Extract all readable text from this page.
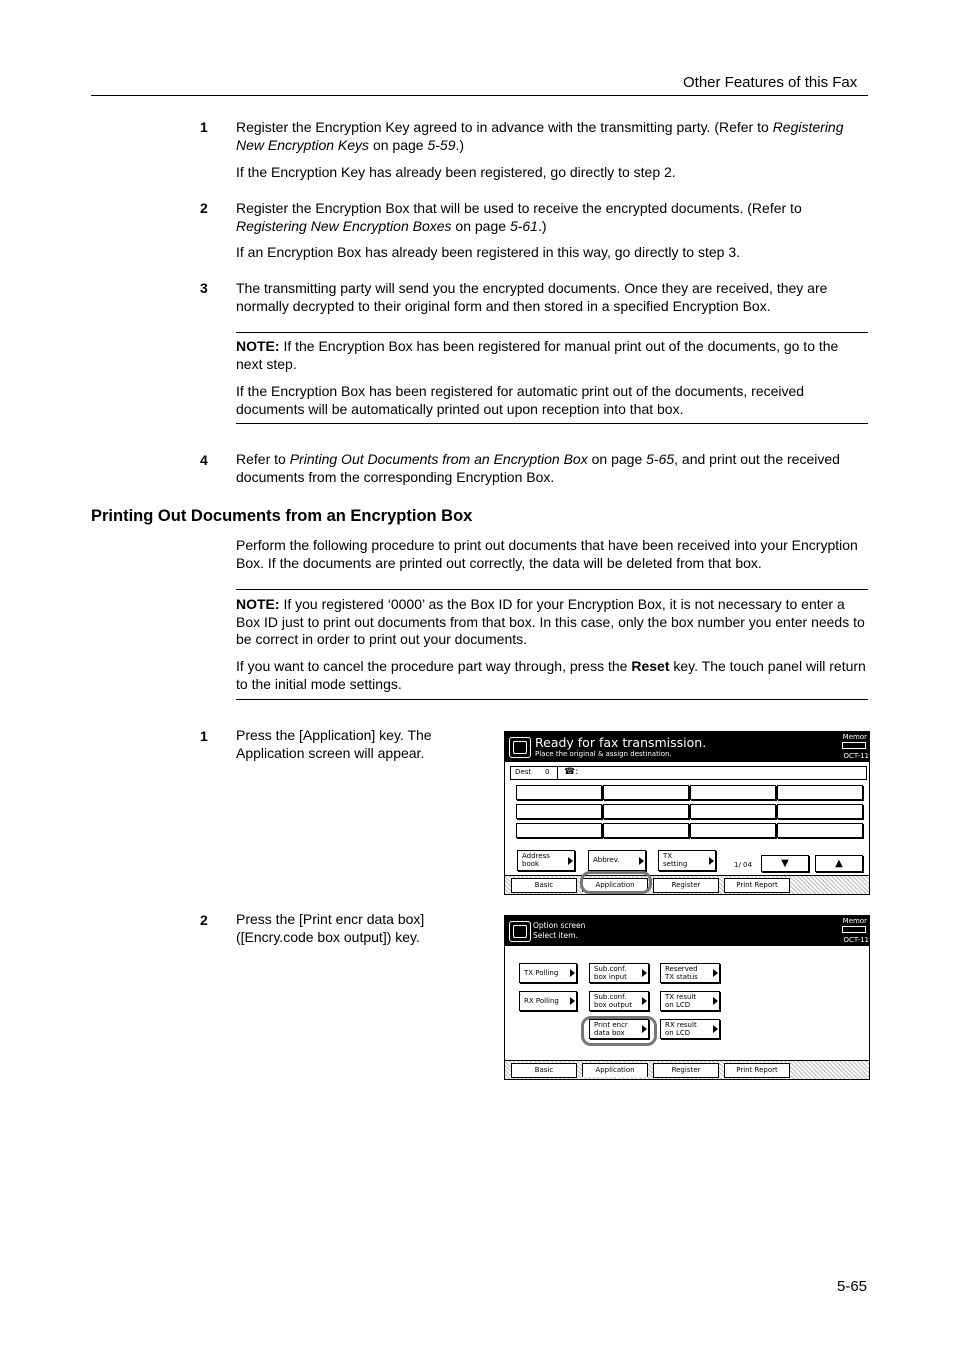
Other Features of this Fax
1 Register the Encryption Key agreed to in advance with the transmitting party. (Refer to Registering New Encryption Keys on page 5-59.)
If the Encryption Key has already been registered, go directly to step 2.
2 Register the Encryption Box that will be used to receive the encrypted documents. (Refer to Registering New Encryption Boxes on page 5-61.)
If an Encryption Box has already been registered in this way, go directly to step 3.
3 The transmitting party will send you the encrypted documents. Once they are received, they are normally decrypted to their original form and then stored in a specified Encryption Box.
NOTE: If the Encryption Box has been registered for manual print out of the documents, go to the next step.
If the Encryption Box has been registered for automatic print out of the documents, received documents will be automatically printed out upon reception into that box.
4 Refer to Printing Out Documents from an Encryption Box on page 5-65, and print out the received documents from the corresponding Encryption Box.
Printing Out Documents from an Encryption Box
Perform the following procedure to print out documents that have been received into your Encryption Box. If the documents are printed out correctly, the data will be deleted from that box.
NOTE: If you registered ‘0000’ as the Box ID for your Encryption Box, it is not necessary to enter a Box ID just to print out documents from that box. In this case, only the box number you enter needs to be correct in order to print out your documents.
If you want to cancel the procedure part way through, press the Reset key. The touch panel will return to the initial mode settings.
1 Press the [Application] key. The Application screen will appear.
2 Press the [Print encr data box] ([Encry.code box output]) key.
Ready for fax transmission.
Place the original & assign destination.
Memor
OCT-11
Dest 0 ☎:
Address
book	Abbrev.	TX
setting	1/ 04	▼	▲
Basic	Application	Register	Print Report
Option screen
Select item.
Memor
OCT-11
TX Polling	Sub.conf.
box input
Reserved
TX status
RX Polling	Sub.conf.
box output
TX result
on LCD
Print encr
data box
RX result
on LCD
Basic	Application	Register	Print Report
5-65
